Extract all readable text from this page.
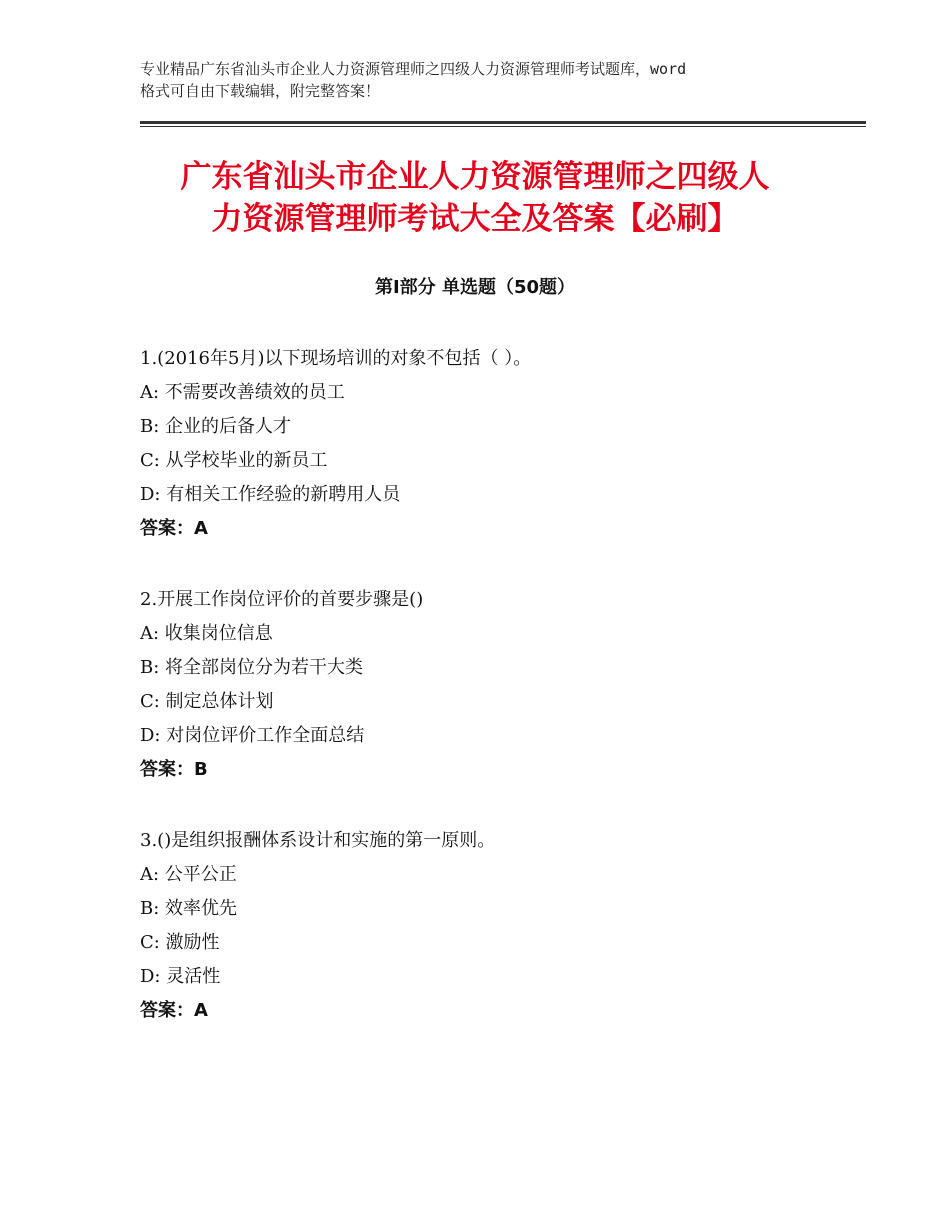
专业精品广东省汕头市企业人力资源管理师之四级人力资源管理师考试题库，word
格式可自由下载编辑，附完整答案！
广东省汕头市企业人力资源管理师之四级人
力资源管理师考试大全及答案【必刷】
第Ⅰ部分 单选题（50题）
1.(2016年5月)以下现场培训的对象不包括（ ）。
A: 不需要改善绩效的员工
B: 企业的后备人才
C: 从学校毕业的新员工
D: 有相关工作经验的新聘用人员
答案：A
2.开展工作岗位评价的首要步骤是()
A: 收集岗位信息
B: 将全部岗位分为若干大类
C: 制定总体计划
D: 对岗位评价工作全面总结
答案：B
3.()是组织报酬体系设计和实施的第一原则。
A: 公平公正
B: 效率优先
C: 激励性
D: 灵活性
答案：A
